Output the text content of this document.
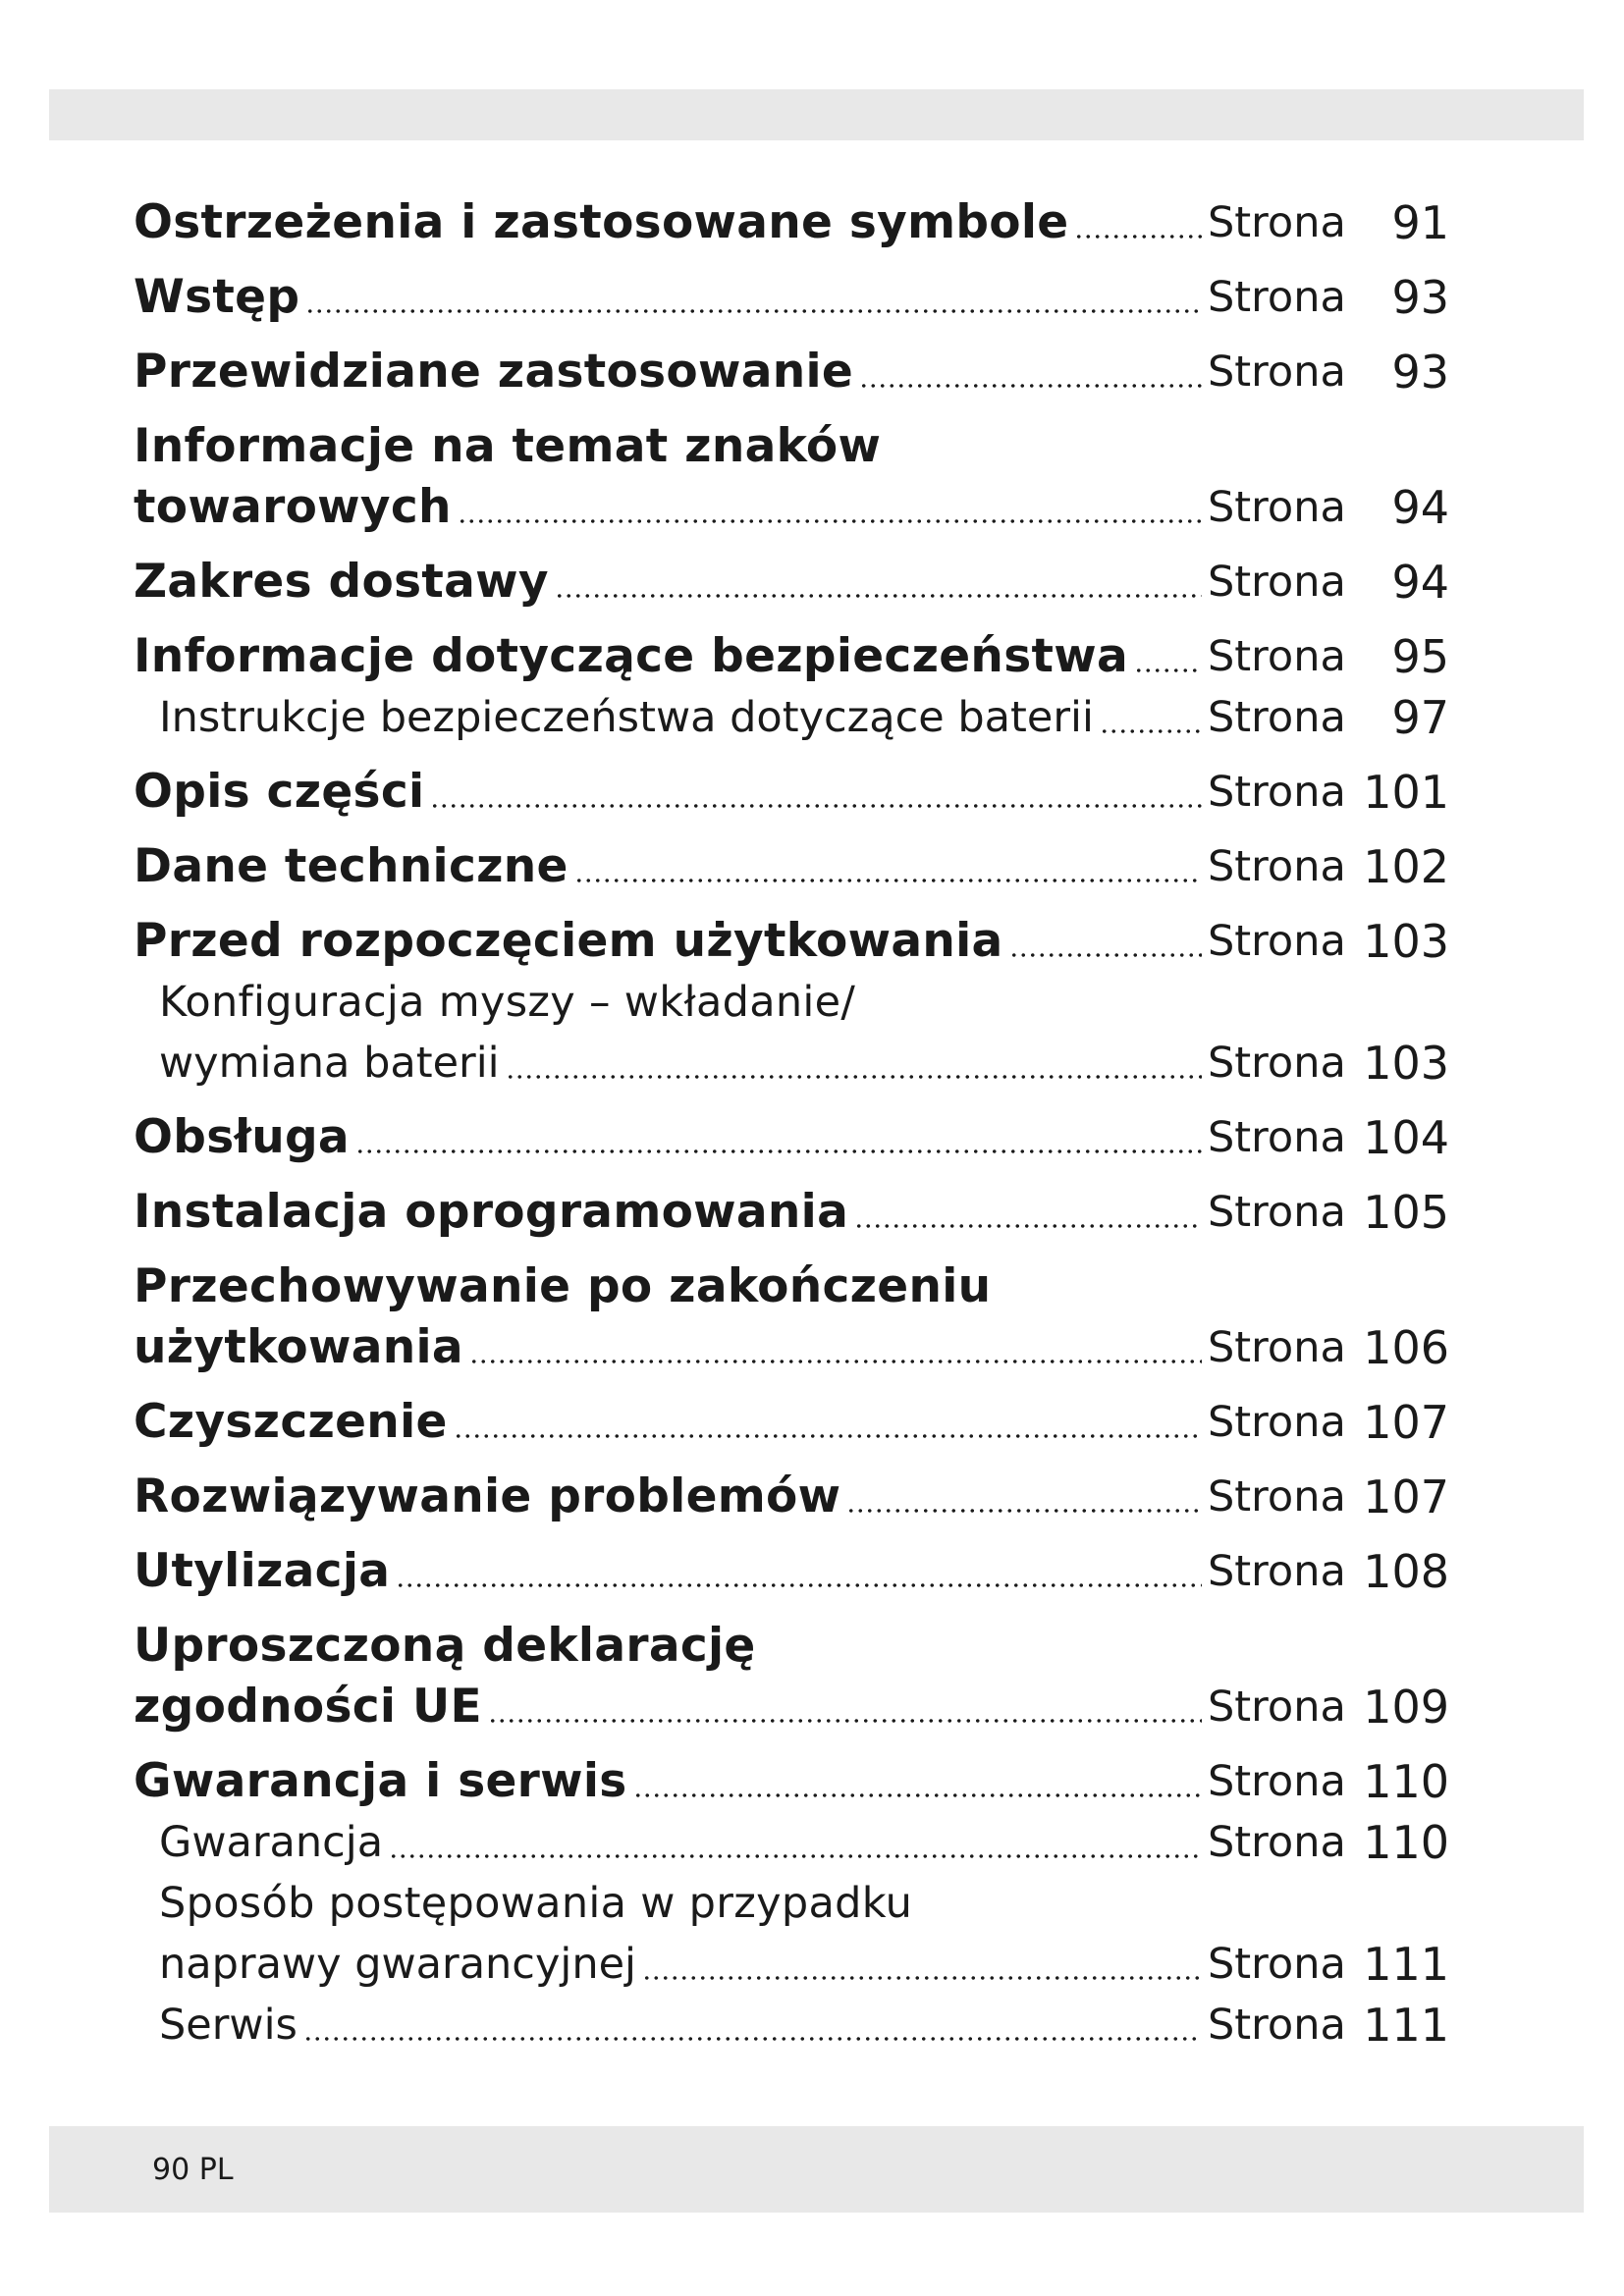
Ostrzeżenia i zastosowane symbole	Strona	91
Wstęp	Strona	93
Przewidziane zastosowanie	Strona	93
Informacje na temat znaków
towarowych	Strona	94
Zakres dostawy	Strona	94
Informacje dotyczące bezpieczeństwa Strona	95
Instrukcje bezpieczeństwa dotyczące baterii	Strona	97
Opis części	Strona 101
Dane techniczne	Strona 102
Przed rozpoczęciem użytkowania	Strona 103
Konfiguracja myszy – wkładanie/
wymiana baterii	Strona 103
Obsługa	Strona 104
Instalacja oprogramowania	Strona 105
Przechowywanie po zakończeniu
użytkowania	Strona 106
Czyszczenie	Strona 107
Rozwiązywanie problemów	Strona 107
Utylizacja	Strona 108
Uproszczoną deklarację
zgodności UE	Strona 109
Gwarancja i serwis	Strona 110
Gwarancja	Strona 110
Sposób postępowania w przypadku
naprawy gwarancyjnej	Strona 111
Serwis	Strona 111
90 PL
